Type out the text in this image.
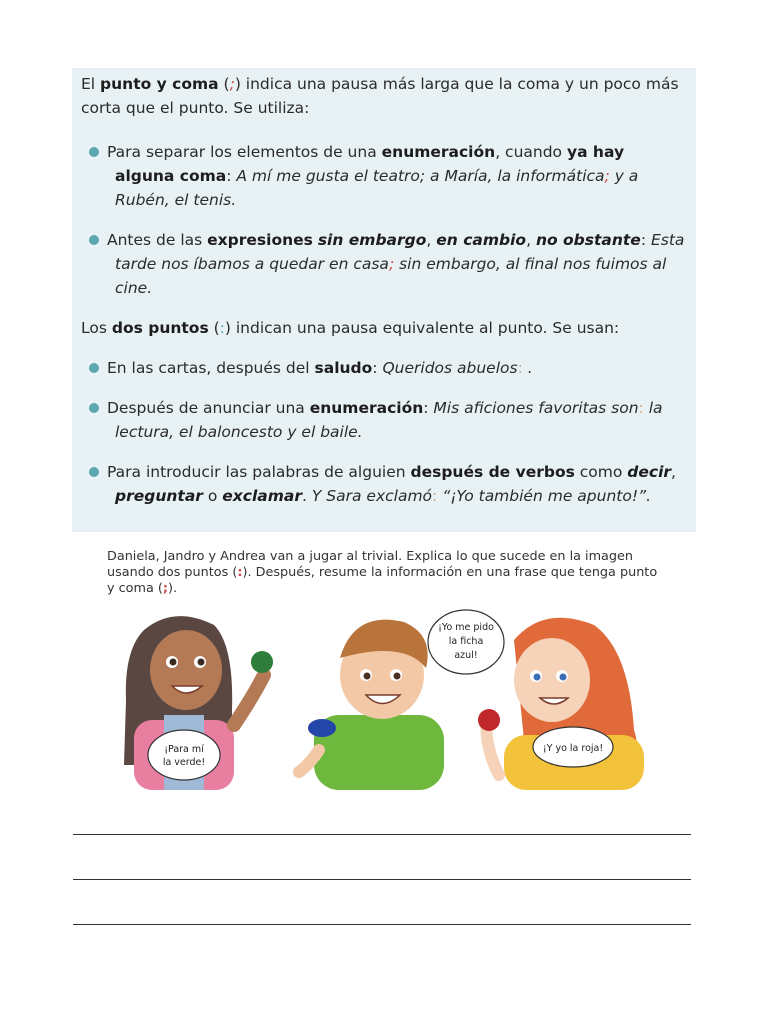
El punto y coma (;) indica una pausa más larga que la coma y un poco más corta que el punto. Se utiliza:

Para separar los elementos de una enumeración, cuando ya hay alguna coma: A mí me gusta el teatro; a María, la informática; y a Rubén, el tenis.
Antes de las expresiones sin embargo, en cambio, no obstante: Esta tarde nos íbamos a quedar en casa; sin embargo, al final nos fuimos al cine.

Los dos puntos (:) indican una pausa equivalente al punto. Se usan:

En las cartas, después del saludo: Queridos abuelos: .
Después de anunciar una enumeración: Mis aficiones favoritas son: la lectura, el baloncesto y el baile.
Para introducir las palabras de alguien después de verbos como decir, preguntar o exclamar. Y Sara exclamó: “¡Yo también me apunto!”.
Daniela, Jandro y Andrea van a jugar al trivial. Explica lo que sucede en la imagen usando dos puntos (:). Después, resume la información en una frase que tenga punto y coma (;).
¡Para mí
la verde!
¡Yo me pido
la ficha
azul!
¡Y yo la roja!
